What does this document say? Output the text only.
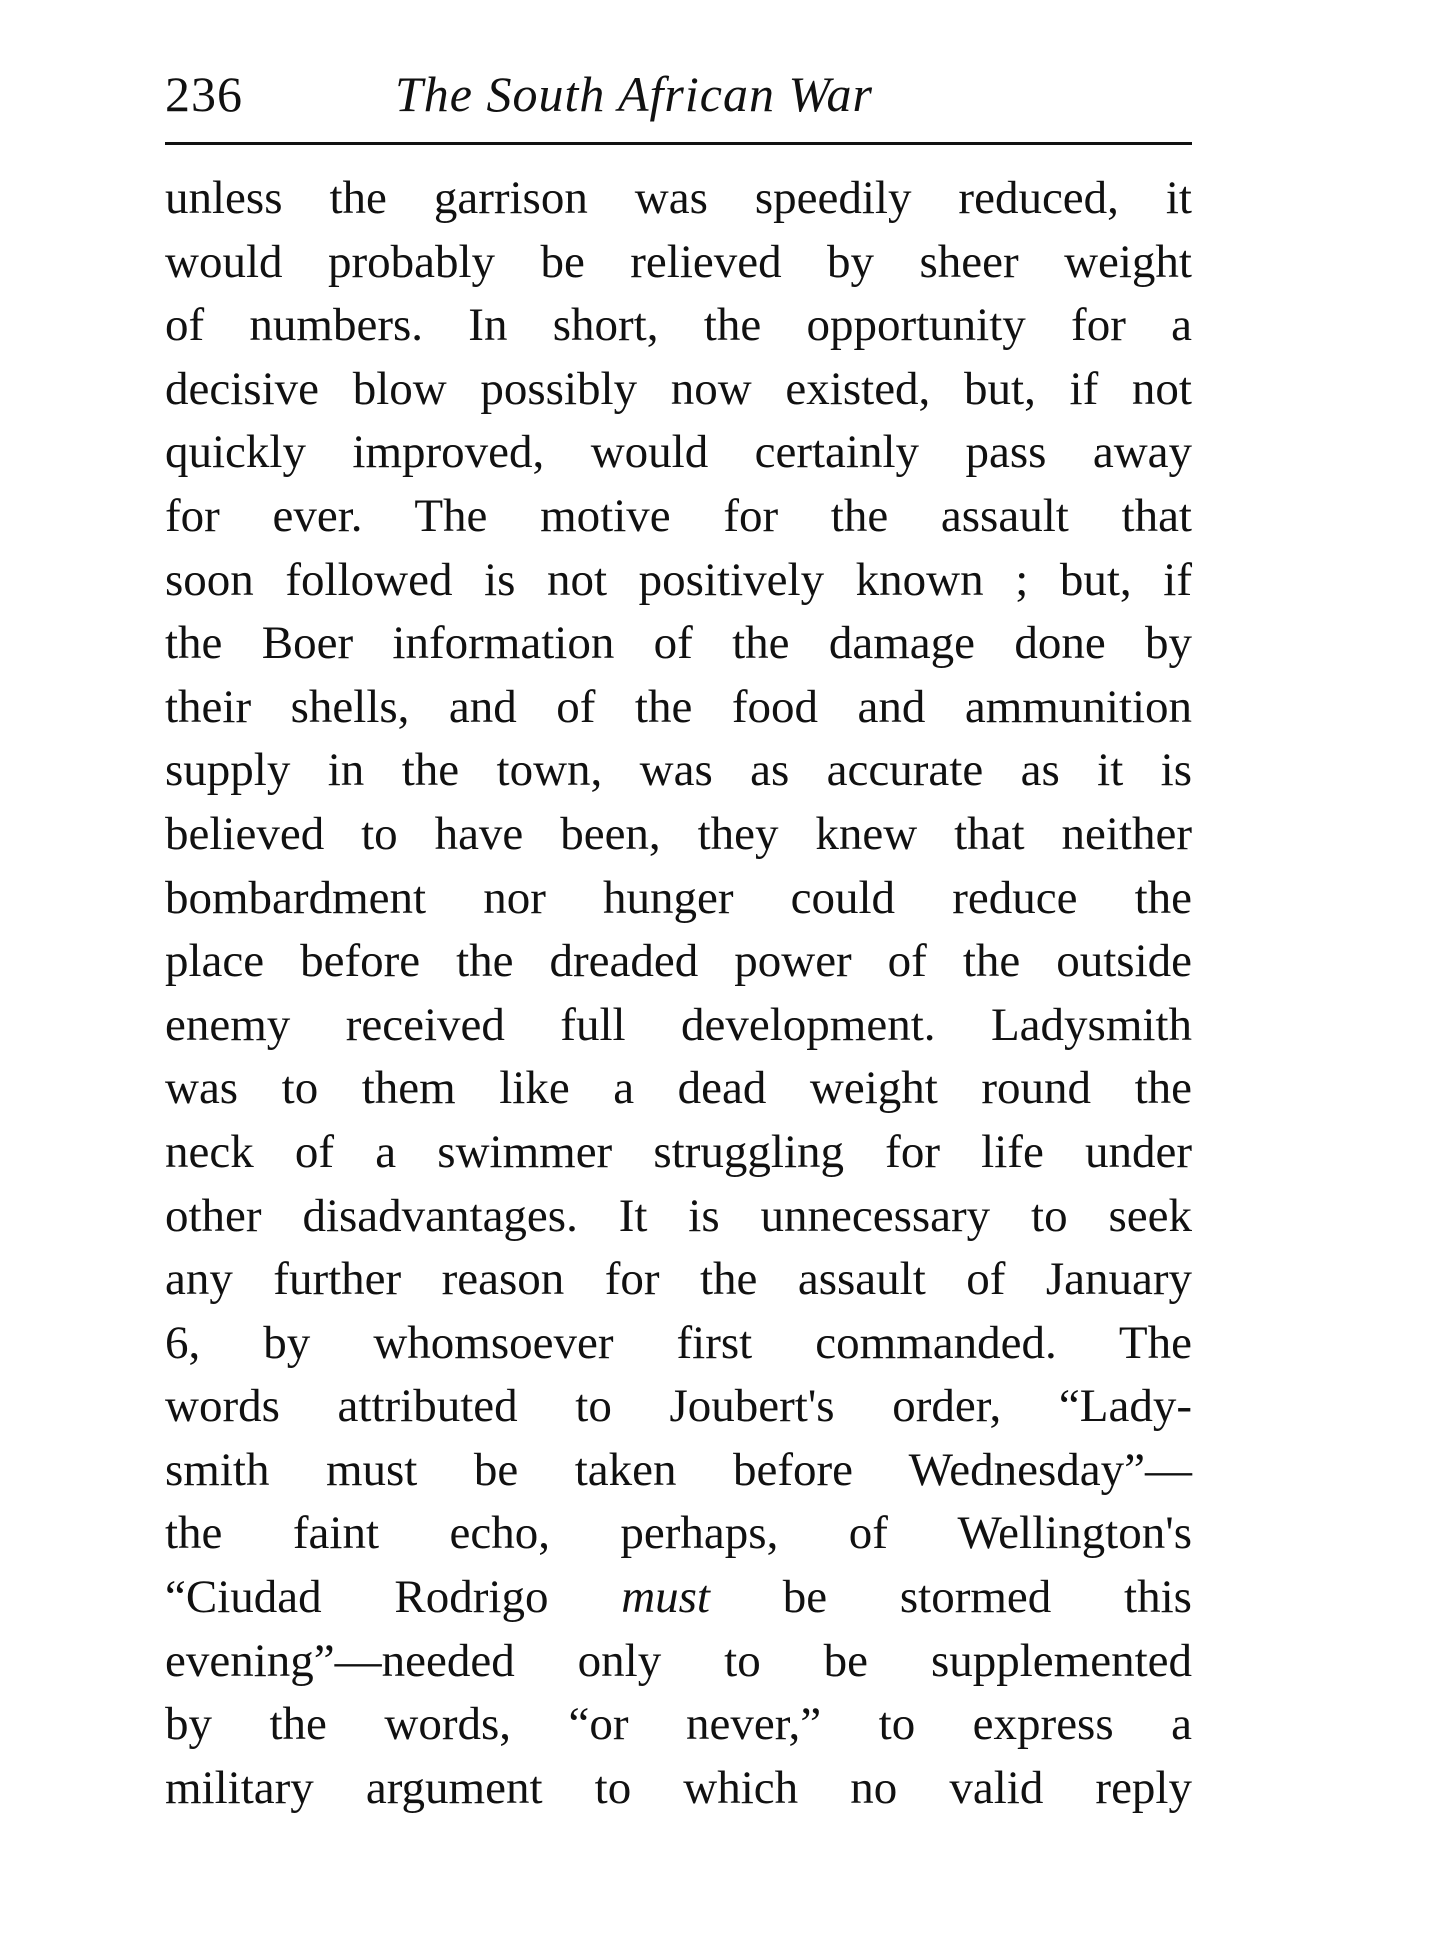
236	The South African War
unless the garrison was speedily reduced, it
would probably be relieved by sheer weight
of numbers. In short, the opportunity for a
decisive blow possibly now existed, but, if not
quickly improved, would certainly pass away
for ever. The motive for the assault that
soon followed is not positively known ; but, if
the Boer information of the damage done by
their shells, and of the food and ammunition
supply in the town, was as accurate as it is
believed to have been, they knew that neither
bombardment nor hunger could reduce the
place before the dreaded power of the outside
enemy received full development. Ladysmith
was to them like a dead weight round the
neck of a swimmer struggling for life under
other disadvantages. It is unnecessary to seek
any further reason for the assault of January
6, by whomsoever first commanded. The
words attributed to Joubert's order, “Lady-
smith must be taken before Wednesday”—
the faint echo, perhaps, of Wellington's
“Ciudad Rodrigo must be stormed this
evening”—needed only to be supplemented
by the words, “or never,” to express a
military argument to which no valid reply
